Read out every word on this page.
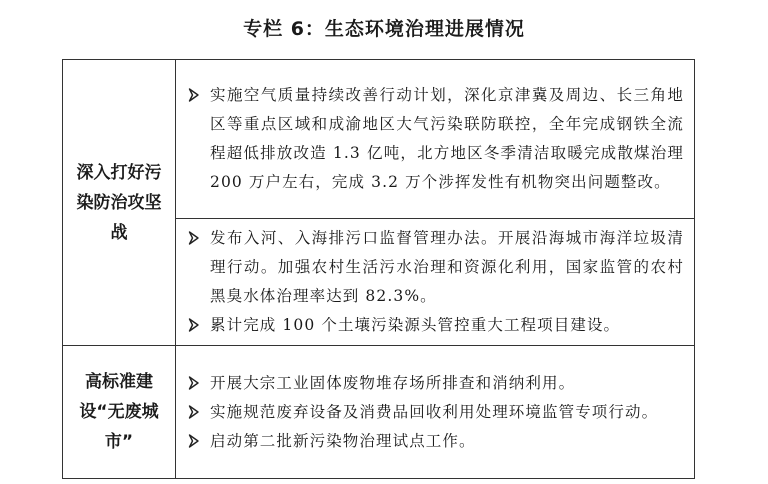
专栏 6：生态环境治理进展情况
深入打好污染防治攻坚战	实施空气质量持续改善行动计划，深化京津冀及周边、长三角地区等重点区域和成渝地区大气污染联防联控，全年完成钢铁全流程超低排放改造 1.3 亿吨，北方地区冬季清洁取暖完成散煤治理 200 万户左右，完成 3.2 万个涉挥发性有机物突出问题整改。

	发布入河、入海排污口监督管理办法。开展沿海城市海洋垃圾清理行动。加强农村生活污水治理和资源化利用，国家监管的农村黑臭水体治理率达到 82.3%。
累计完成 100 个土壤污染源头管控重大工程项目建设。

高标准建设“无废城市”	开展大宗工业固体废物堆存场所排查和消纳利用。
实施规范废弃设备及消费品回收利用处理环境监管专项行动。
启动第二批新污染物治理试点工作。
